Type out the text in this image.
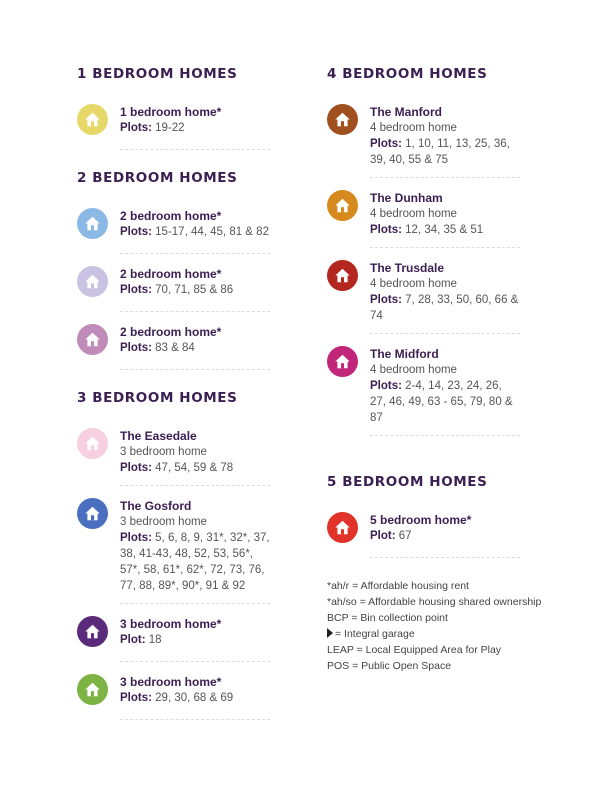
1 BEDROOM HOMES
1 bedroom home*
Plots: 19-22
2 BEDROOM HOMES
2 bedroom home*
Plots: 15-17, 44, 45, 81 & 82
2 bedroom home*
Plots: 70, 71, 85 & 86
2 bedroom home*
Plots: 83 & 84
3 BEDROOM HOMES
The Easedale
3 bedroom home
Plots: 47, 54, 59 & 78
The Gosford
3 bedroom home
Plots: 5, 6, 8, 9, 31*, 32*, 37, 38, 41-43, 48, 52, 53, 56*, 57*, 58, 61*, 62*, 72, 73, 76, 77, 88, 89*, 90*, 91 & 92
3 bedroom home*
Plot: 18
3 bedroom home*
Plots: 29, 30, 68 & 69
4 BEDROOM HOMES
The Manford
4 bedroom home
Plots: 1, 10, 11, 13, 25, 36, 39, 40, 55 & 75
The Dunham
4 bedroom home
Plots: 12, 34, 35 & 51
The Trusdale
4 bedroom home
Plots: 7, 28, 33, 50, 60, 66 & 74
The Midford
4 bedroom home
Plots: 2-4, 14, 23, 24, 26, 27, 46, 49, 63 - 65, 79, 80 & 87
5 BEDROOM HOMES
5 bedroom home*
Plot: 67
*ah/r = Affordable housing rent
*ah/so = Affordable housing shared ownership
BCP = Bin collection point
= Integral garage
LEAP = Local Equipped Area for Play
POS = Public Open Space
